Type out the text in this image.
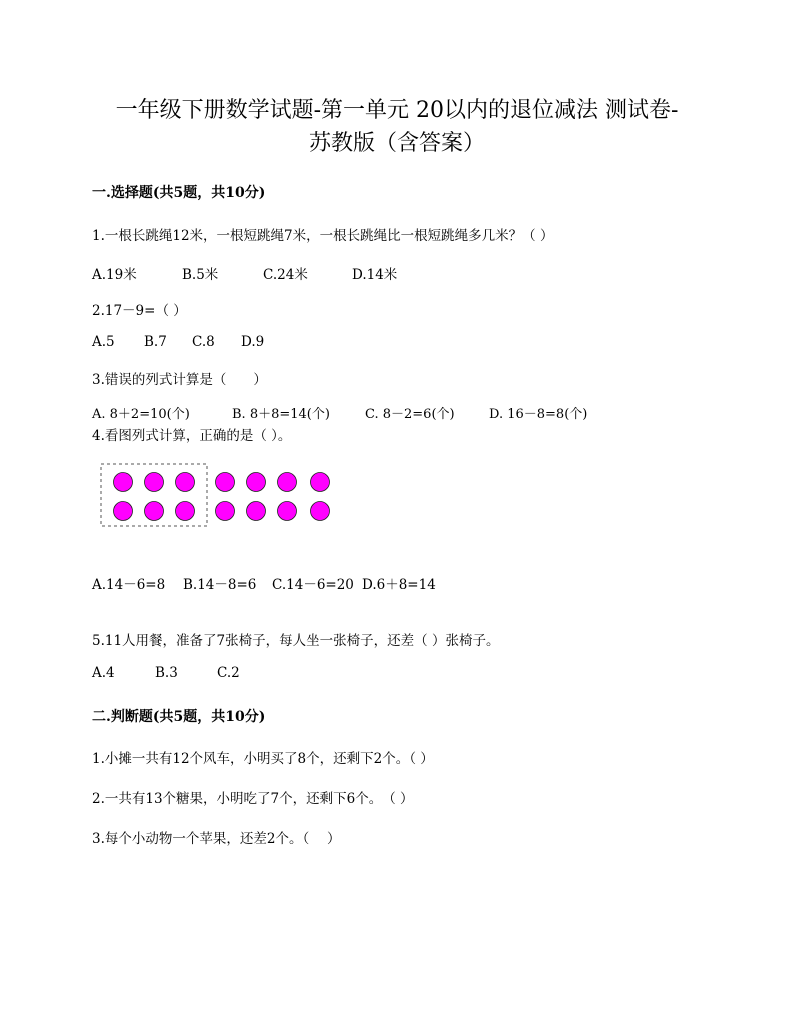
一年级下册数学试题-第一单元 20以内的退位减法 测试卷-
苏教版（含答案）
一.选择题(共5题，共10分)
1.一根长跳绳12米，一根短跳绳7米，一根长跳绳比一根短跳绳多几米？（ ）
A.19米	B.5米	C.24米	D.14米
2.17－9=（ ）
A.5 B.7 C.8 D.9
3.错误的列式计算是（　　）
A. 8＋2=10(个)	B. 8＋8=14(个)	C. 8－2=6(个)	D. 16－8=8(个)
4.看图列式计算，正确的是（ ）。
A.14－6=8 B.14－8=6 C.14－6=20 D.6＋8=14
5.11人用餐，准备了7张椅子，每人坐一张椅子，还差（ ）张椅子。
A.4	B.3	C.2
二.判断题(共5题，共10分)
1.小摊一共有12个风车，小明买了8个，还剩下2个。（ ）
2.一共有13个糖果，小明吃了7个，还剩下6个。　（ ）
3.每个小动物一个苹果，还差2个。（　 ）
